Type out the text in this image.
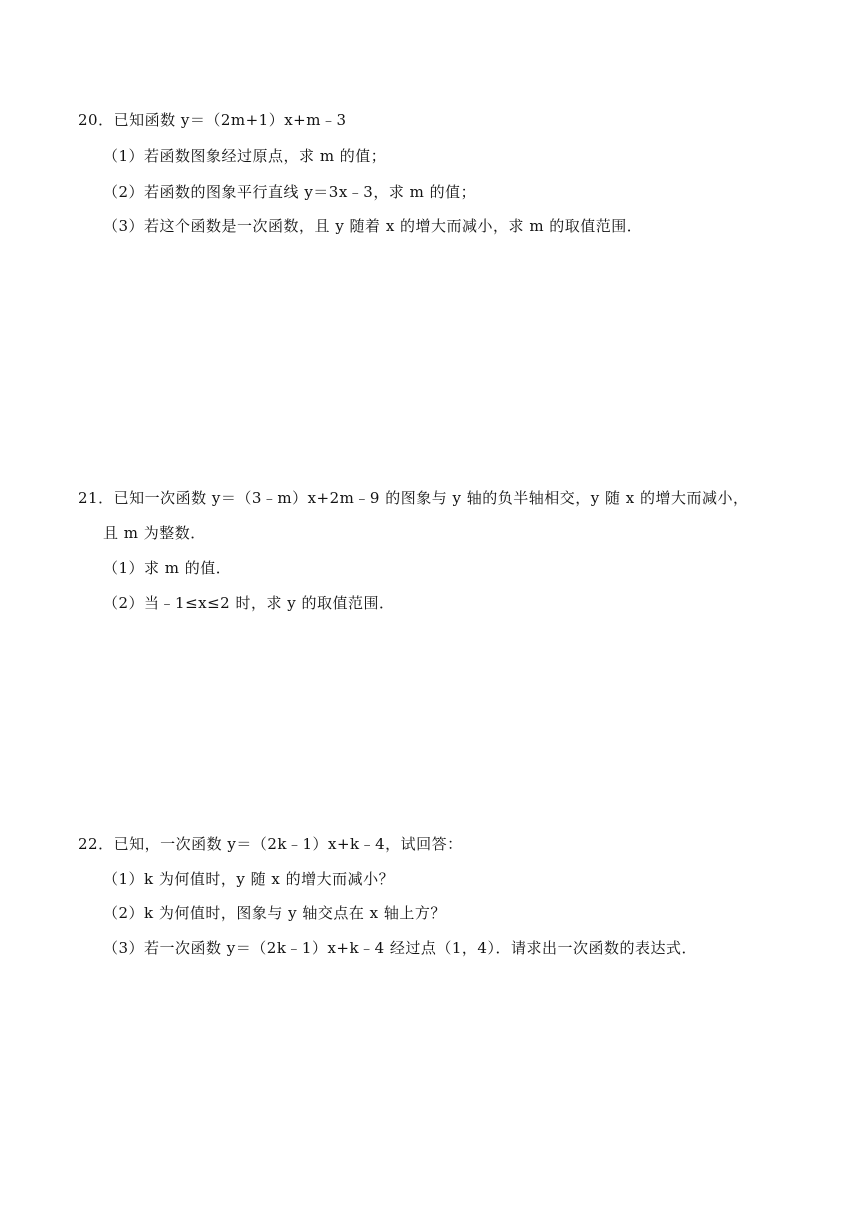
20．已知函数 y＝（2m+1）x+m﹣3
（1）若函数图象经过原点，求 m 的值；
（2）若函数的图象平行直线 y＝3x﹣3，求 m 的值；
（3）若这个函数是一次函数，且 y 随着 x 的增大而减小，求 m 的取值范围．
21．已知一次函数 y＝（3﹣m）x+2m﹣9 的图象与 y 轴的负半轴相交，y 随 x 的增大而减小，
且 m 为整数．
（1）求 m 的值．
（2）当﹣1≤x≤2 时，求 y 的取值范围．
22．已知，一次函数 y＝（2k﹣1）x+k﹣4，试回答：
（1）k 为何值时，y 随 x 的增大而减小？
（2）k 为何值时，图象与 y 轴交点在 x 轴上方？
（3）若一次函数 y＝（2k﹣1）x+k﹣4 经过点（1，4）．请求出一次函数的表达式．
